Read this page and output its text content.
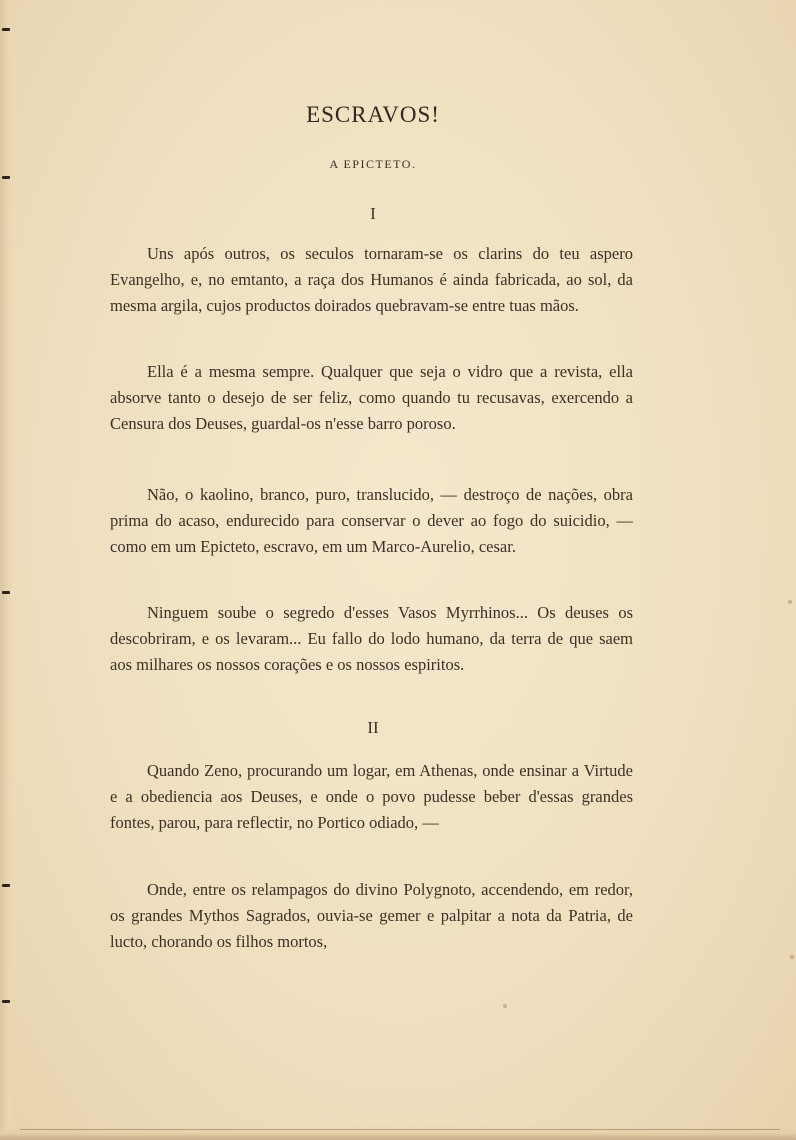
ESCRAVOS!
A EPICTETO.
I

Uns após outros, os seculos tornaram-se os clarins do teu aspero Evangelho, e, no emtanto, a raça dos Humanos é ainda fabricada, ao sol, da mesma argila, cujos productos doirados quebravam-se entre tuas mãos.

Ella é a mesma sempre. Qualquer que seja o vidro que a revista, ella absorve tanto o desejo de ser feliz, como quando tu recusavas, exercendo a Censura dos Deuses, guardal-os n'esse barro poroso.

Não, o kaolino, branco, puro, translucido, — destroço de nações, obra prima do acaso, endurecido para conservar o dever ao fogo do suicidio, — como em um Epicteto, escravo, em um Marco-Aurelio, cesar.

Ninguem soube o segredo d'esses Vasos Myrrhinos... Os deuses os descobriram, e os levaram... Eu fallo do lodo humano, da terra de que saem aos milhares os nossos corações e os nossos espiritos.

II

Quando Zeno, procurando um logar, em Athenas, onde ensinar a Virtude e a obediencia aos Deuses, e onde o povo pudesse beber d'essas grandes fontes, parou, para reflectir, no Portico odiado, —

Onde, entre os relampagos do divino Polygnoto, accendendo, em redor, os grandes Mythos Sagrados, ouvia-se gemer e palpitar a nota da Patria, de lucto, chorando os filhos mortos,
